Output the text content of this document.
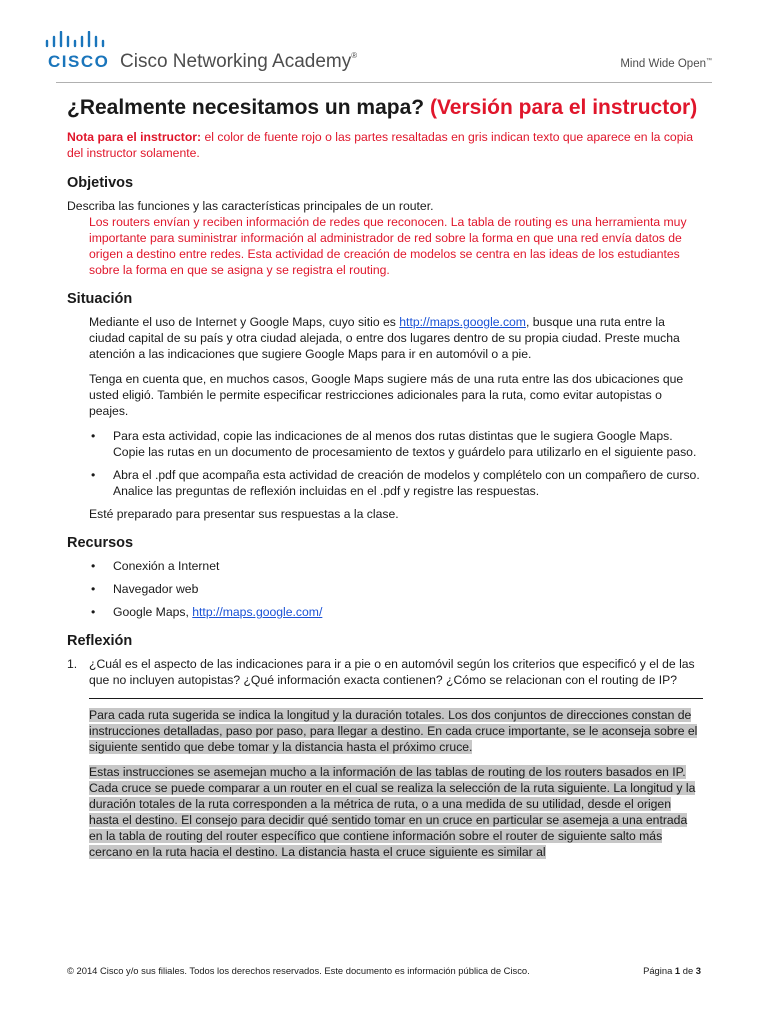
CISCO Cisco Networking Academy®
Mind Wide Open™
¿Realmente necesitamos un mapa? (Versión para el instructor)

Nota para el instructor: el color de fuente rojo o las partes resaltadas en gris indican texto que aparece en la copia del instructor solamente.

Objetivos

Describa las funciones y las características principales de un router.

Los routers envían y reciben información de redes que reconocen. La tabla de routing es una herramienta muy importante para suministrar información al administrador de red sobre la forma en que una red envía datos de origen a destino entre redes. Esta actividad de creación de modelos se centra en las ideas de los estudiantes sobre la forma en que se asigna y se registra el routing.

Situación

Mediante el uso de Internet y Google Maps, cuyo sitio es http://maps.google.com, busque una ruta entre la ciudad capital de su país y otra ciudad alejada, o entre dos lugares dentro de su propia ciudad. Preste mucha atención a las indicaciones que sugiere Google Maps para ir en automóvil o a pie.

Tenga en cuenta que, en muchos casos, Google Maps sugiere más de una ruta entre las dos ubicaciones que usted eligió. También le permite especificar restricciones adicionales para la ruta, como evitar autopistas o peajes.

• Para esta actividad, copie las indicaciones de al menos dos rutas distintas que le sugiera Google Maps. Copie las rutas en un documento de procesamiento de textos y guárdelo para utilizarlo en el siguiente paso.
• Abra el .pdf que acompaña esta actividad de creación de modelos y complételo con un compañero de curso. Analice las preguntas de reflexión incluidas en el .pdf y registre las respuestas.

Esté preparado para presentar sus respuestas a la clase.

Recursos
• Conexión a Internet
• Navegador web
• Google Maps, http://maps.google.com/
Reflexión

1. ¿Cuál es el aspecto de las indicaciones para ir a pie o en automóvil según los criterios que especificó y el de las que no incluyen autopistas? ¿Qué información exacta contienen? ¿Cómo se relacionan con el routing de IP?

Para cada ruta sugerida se indica la longitud y la duración totales. Los dos conjuntos de direcciones constan de instrucciones detalladas, paso por paso, para llegar a destino. En cada cruce importante, se le aconseja sobre el siguiente sentido que debe tomar y la distancia hasta el próximo cruce.

Estas instrucciones se asemejan mucho a la información de las tablas de routing de los routers basados en IP. Cada cruce se puede comparar a un router en el cual se realiza la selección de la ruta siguiente. La longitud y la duración totales de la ruta corresponden a la métrica de ruta, o a una medida de su utilidad, desde el origen hasta el destino. El consejo para decidir qué sentido tomar en un cruce en particular se asemeja a una entrada en la tabla de routing del router específico que contiene información sobre el router de siguiente salto más cercano en la ruta hacia el destino. La distancia hasta el cruce siguiente es similar al

© 2014 Cisco y/o sus filiales. Todos los derechos reservados. Este documento es información pública de Cisco.	Página 1 de 3
